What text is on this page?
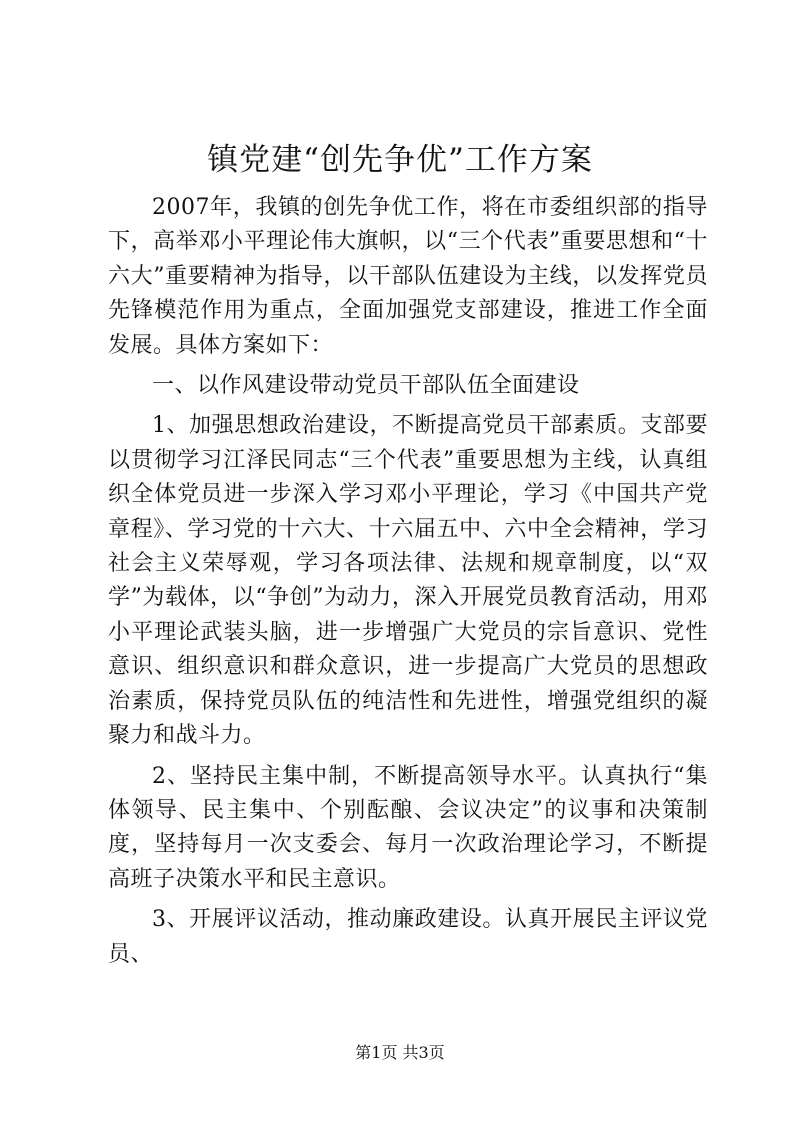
镇党建“创先争优”工作方案

2007年，我镇的创先争优工作，将在市委组织部的指导下，高举邓小平理论伟大旗帜，以“三个代表”重要思想和“十六大”重要精神为指导，以干部队伍建设为主线，以发挥党员先锋模范作用为重点，全面加强党支部建设，推进工作全面发展。具体方案如下：

一、以作风建设带动党员干部队伍全面建设

1、加强思想政治建设，不断提高党员干部素质。支部要以贯彻学习江泽民同志“三个代表”重要思想为主线，认真组织全体党员进一步深入学习邓小平理论，学习《中国共产党章程》、学习党的十六大、十六届五中、六中全会精神，学习社会主义荣辱观，学习各项法律、法规和规章制度，以“双学”为载体，以“争创”为动力，深入开展党员教育活动，用邓小平理论武装头脑，进一步增强广大党员的宗旨意识、党性意识、组织意识和群众意识，进一步提高广大党员的思想政治素质，保持党员队伍的纯洁性和先进性，增强党组织的凝聚力和战斗力。

2、坚持民主集中制，不断提高领导水平。认真执行“集体领导、民主集中、个别酝酿、会议决定”的议事和决策制度，坚持每月一次支委会、每月一次政治理论学习，不断提高班子决策水平和民主意识。

3、开展评议活动，推动廉政建设。认真开展民主评议党员、

第1页 共3页
